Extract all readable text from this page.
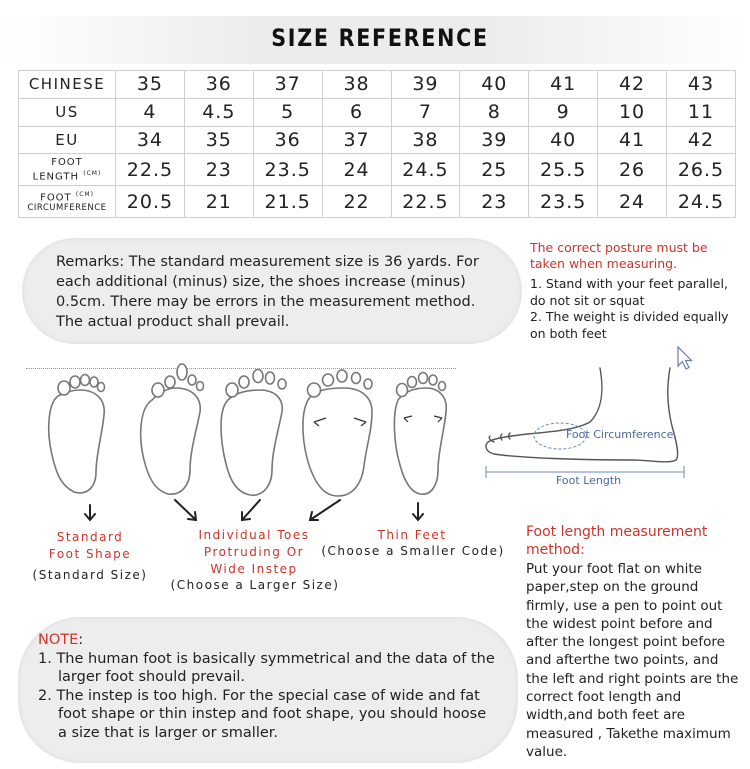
SIZE REFERENCE
CHINESE	35	36	37	38	39	40	41	42	43
US	4	4.5	5	6	7	8	9	10	11
EU	34	35	36	37	38	39	40	41	42

FOOT
LENGTH $^{(CM)}$	22.5	23	23.5	24	24.5	25	25.5	26	26.5

FOOT $^{(CM)}$
CIRCUMFERENCE	20.5	21	21.5	22	22.5	23	23.5	24	24.5
Remarks: The standard measurement size is 36 yards. For each additional (minus) size, the shoes increase (minus) 0.5cm. There may be errors in the measurement method. The actual product shall prevail.
The correct posture must be taken when measuring.
1. Stand with your feet parallel, do not sit or squat
2. The weight is divided equally on both feet
Standard
Foot Shape
(Standard Size)
Individual Toes
Protruding Or
Wide Instep
(Choose a Larger Size)
Thin Feet
(Choose a Smaller Code)
Foot Circumference
Foot Length
Foot length measurement method:
Put your foot flat on white paper,step on the ground firmly, use a pen to point out the widest point before and after the longest point before and afterthe two points, and the left and right points are the correct foot length and width,and both feet are measured , Takethe maximum value.
NOTE:
1. The human foot is basically symmetrical and the data of the larger foot should prevail.
2. The instep is too high. For the special case of wide and fat foot shape or thin instep and foot shape, you should hoose a size that is larger or smaller.
